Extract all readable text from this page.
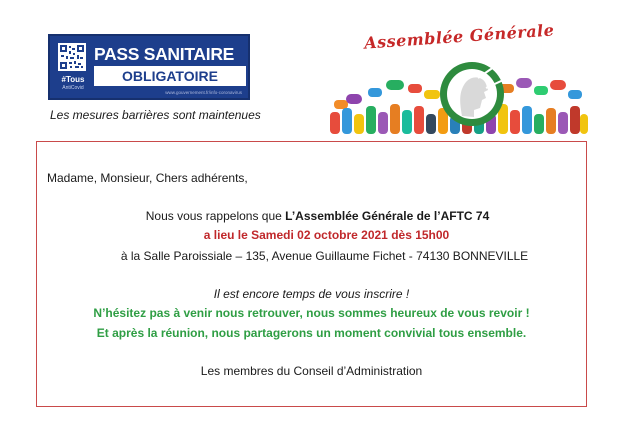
#Tous
AntiCovid
PASS SANITAIRE
OBLIGATOIRE
www.gouvernement.fr/info-coronavirus
Les mesures barrières sont maintenues
Assemblée Générale
Madame, Monsieur, Chers adhérents,
Nous vous rappelons que L’Assemblée Générale de l’AFTC 74
a lieu le Samedi 02 octobre 2021 dès 15h00
à la Salle Paroissiale – 135, Avenue Guillaume Fichet - 74130 BONNEVILLE
Il est encore temps de vous inscrire !
N’hésitez pas à venir nous retrouver, nous sommes heureux de vous revoir !
Et après la réunion, nous partagerons un moment convivial tous ensemble.
Les membres du Conseil d’Administration
